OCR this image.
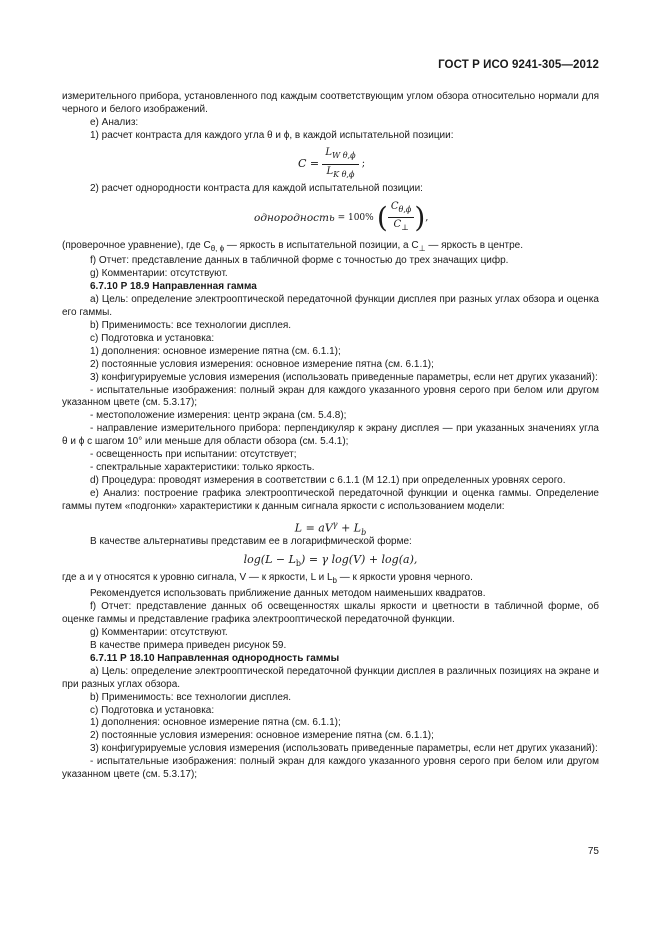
ГОСТ Р ИСО 9241-305—2012

измерительного прибора, установленного под каждым соответствующим углом обзора относительно нормали для черного и белого изображений.

e) Анализ:

1) расчет контраста для каждого угла θ и ϕ, в каждой испытательной позиции:

$C = \frac{L_{W \theta,\phi}}{L_{K \theta,\phi}}$ ;

2) расчет однородности контраста для каждой испытательной позиции:

однородность = 100% ( $\frac{C_{\theta,\phi}}{C_\perp}$ ),

(проверочное уравнение), где $C_{\theta, \phi}$ — яркость в испытательной позиции, а $C_\perp$ — яркость в центре.

f) Отчет: представление данных в табличной форме с точностью до трех значащих цифр.

g) Комментарии: отсутствуют.

6.7.10 Р 18.9 Направленная гамма

a) Цель: определение электрооптической передаточной функции дисплея при разных углах обзора и оценка его гаммы.

b) Применимость: все технологии дисплея.

c) Подготовка и установка:

1) дополнения: основное измерение пятна (см. 6.1.1);

2) постоянные условия измерения: основное измерение пятна (см. 6.1.1);

3) конфигурируемые условия измерения (использовать приведенные параметры, если нет других указаний):

- испытательные изображения: полный экран для каждого указанного уровня серого при белом или другом указанном цвете (см. 5.3.17);

- местоположение измерения: центр экрана (см. 5.4.8);

- направление измерительного прибора: перпендикуляр к экрану дисплея — при указанных значениях угла θ и ϕ с шагом 10° или меньше для области обзора (см. 5.4.1);

- освещенность при испытании: отсутствует;

- спектральные характеристики: только яркость.

d) Процедура: проводят измерения в соответствии с 6.1.1 (М 12.1) при определенных уровнях серого.

e) Анализ: построение графика электрооптической передаточной функции и оценка гаммы. Определение гаммы путем «подгонки» характеристики к данным сигнала яркости с использованием модели:

$L = aV^\gamma + L_b$

В качестве альтернативы представим ее в логарифмической форме:

$\log(L - L_b) = \gamma$ log(V) + log(a),

где a и γ относятся к уровню сигнала, V — к яркости, L и $L_b$ — к яркости уровня черного.

Рекомендуется использовать приближение данных методом наименьших квадратов.

f) Отчет: представление данных об освещенностях шкалы яркости и цветности в табличной форме, об оценке гаммы и представление графика электрооптической передаточной функции.

g) Комментарии: отсутствуют.

В качестве примера приведен рисунок 59.

6.7.11 Р 18.10 Направленная однородность гаммы

a) Цель: определение электрооптической передаточной функции дисплея в различных позициях на экране и при разных углах обзора.

b) Применимость: все технологии дисплея.

c) Подготовка и установка:

1) дополнения: основное измерение пятна (см. 6.1.1);

2) постоянные условия измерения: основное измерение пятна (см. 6.1.1);

3) конфигурируемые условия измерения (использовать приведенные параметры, если нет других указаний):

- испытательные изображения: полный экран для каждого указанного уровня серого при белом или другом указанном цвете (см. 5.3.17);

75
